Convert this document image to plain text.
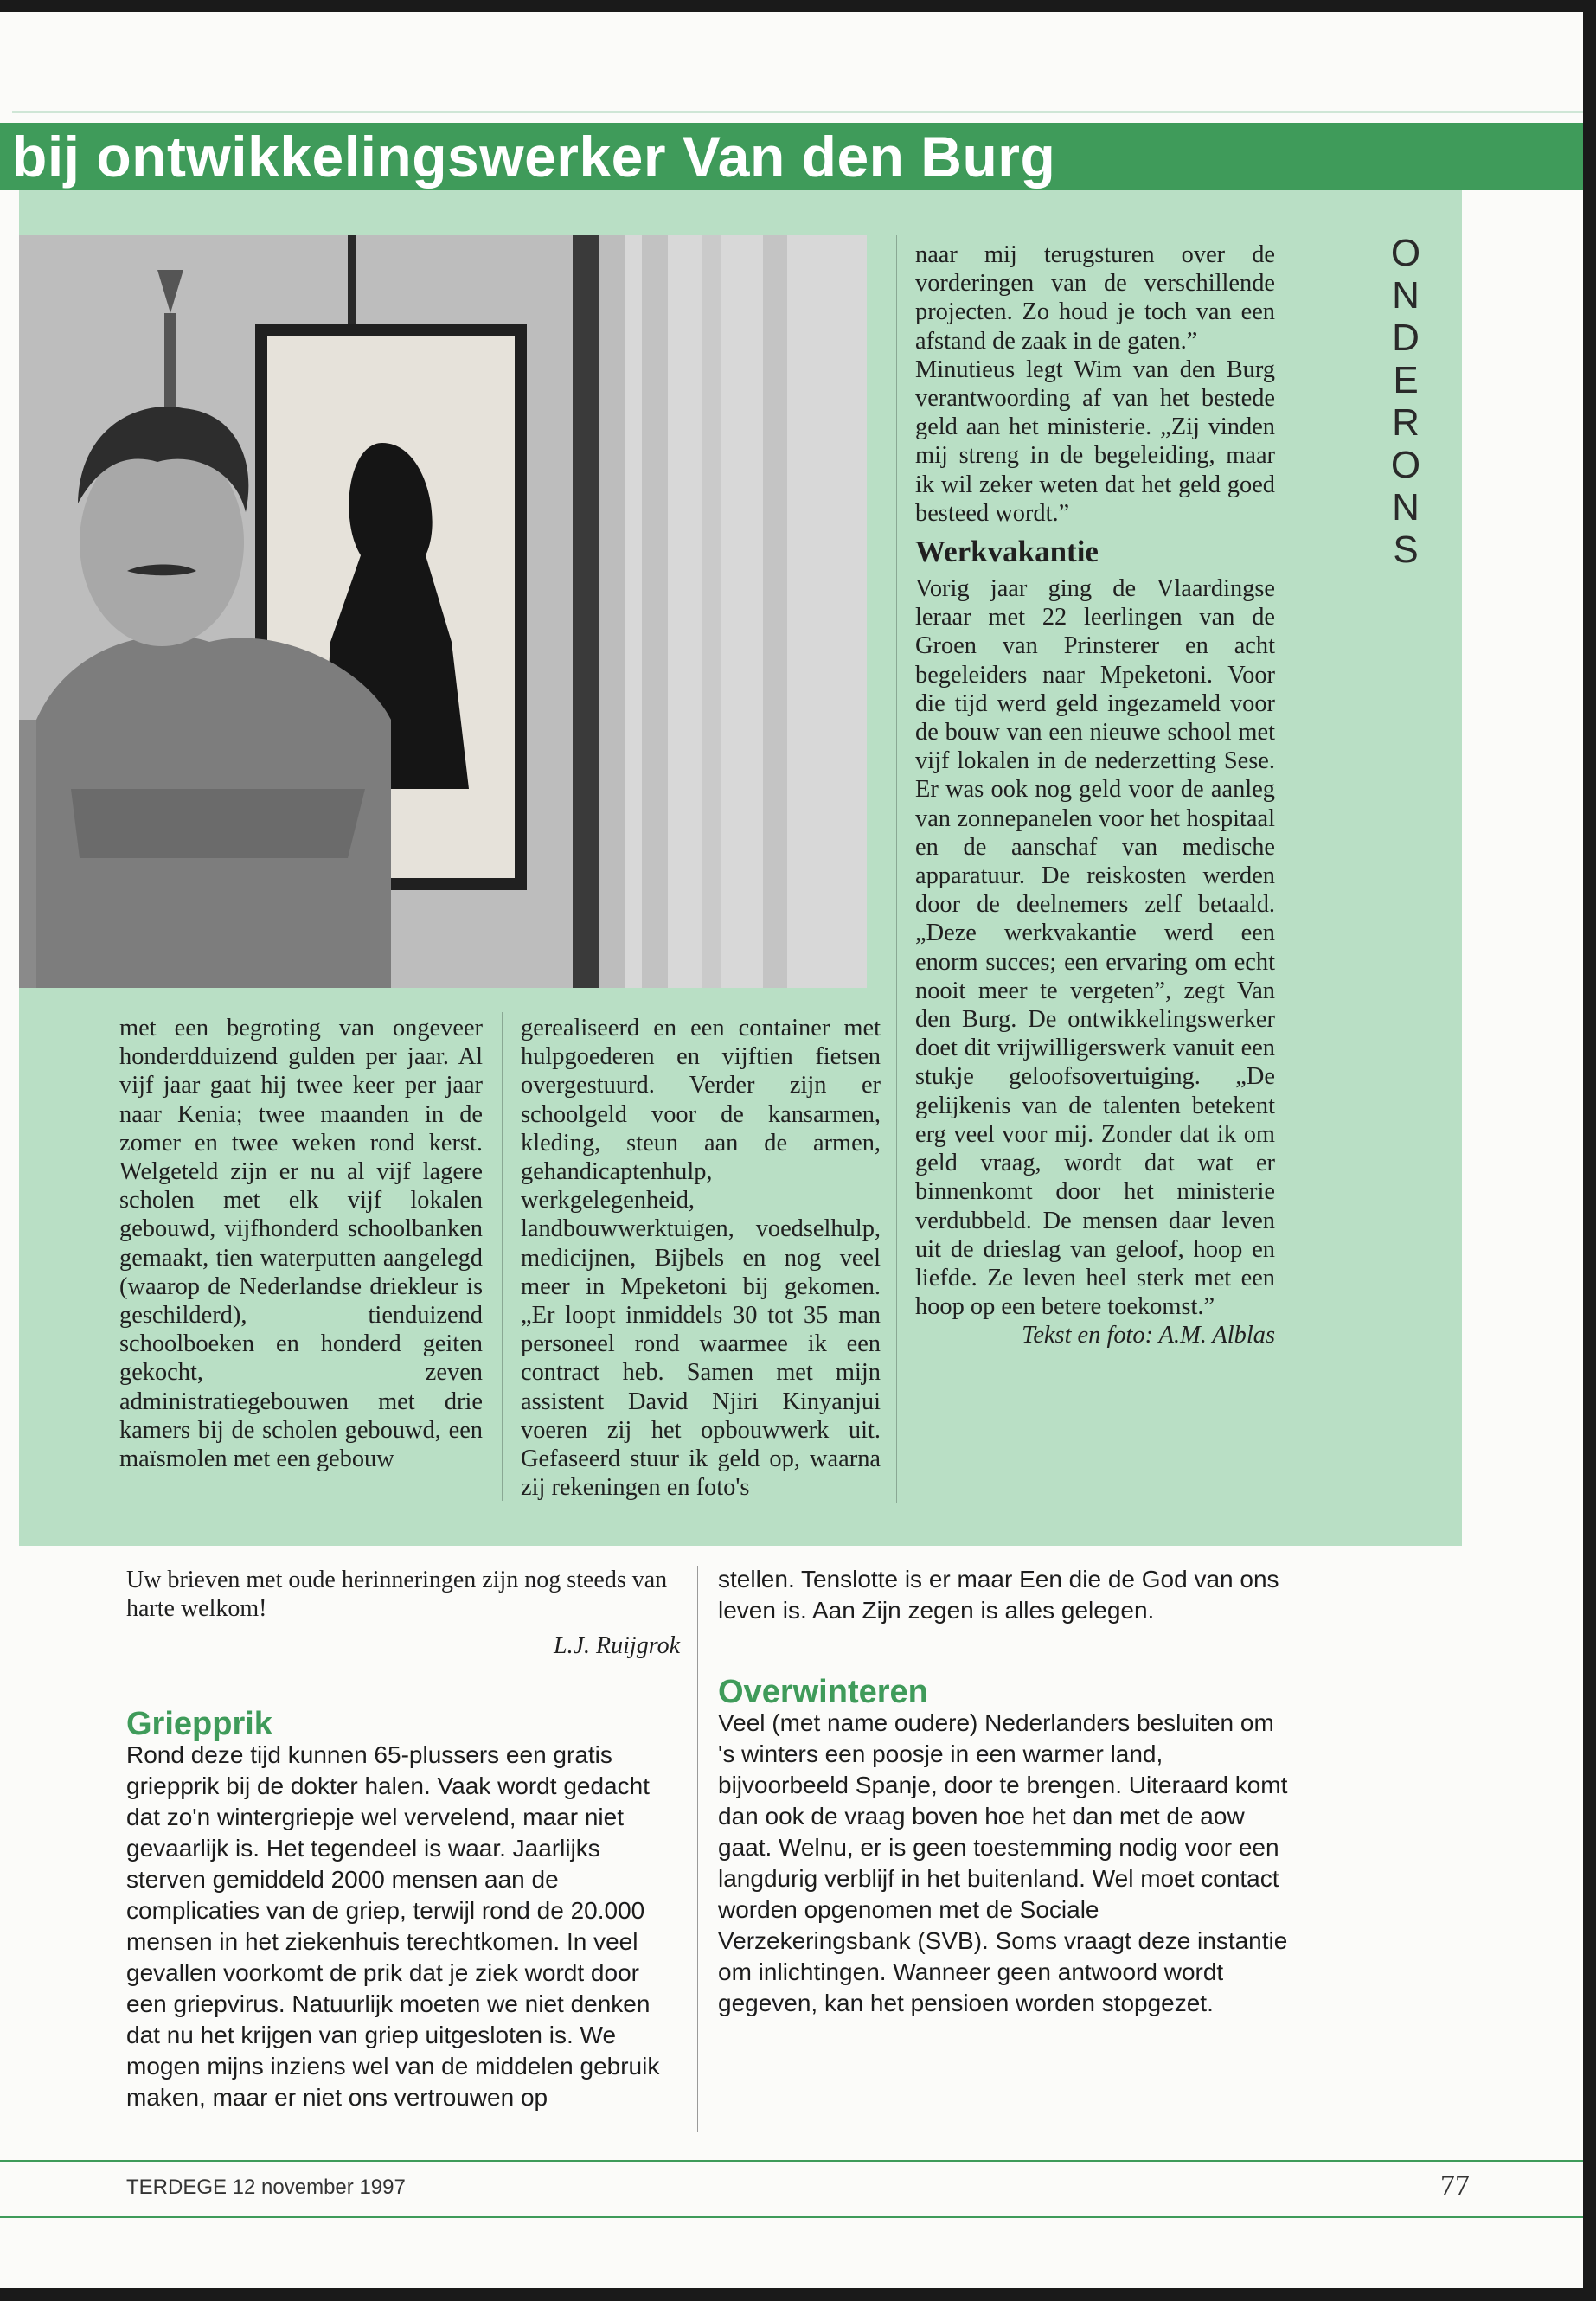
bij ontwikkelingswerker Van den Burg
ONDERONS

met een begroting van ongeveer honderdduizend gulden per jaar. Al vijf jaar gaat hij twee keer per jaar naar Kenia; twee maanden in de zomer en twee weken rond kerst. Welgeteld zijn er nu al vijf lagere scholen met elk vijf lokalen gebouwd, vijfhonderd schoolbanken gemaakt, tien waterputten aangelegd (waarop de Nederlandse driekleur is geschilderd), tienduizend schoolboeken en honderd geiten gekocht, zeven administratiegebouwen met drie kamers bij de scholen gebouwd, een maïsmolen met een gebouw

gerealiseerd en een container met hulpgoederen en vijftien fietsen overgestuurd. Verder zijn er schoolgeld voor de kansarmen, kleding, steun aan de armen, gehandicaptenhulp, werkgelegenheid, landbouwwerktuigen, voedselhulp, medicijnen, Bijbels en nog veel meer in Mpeketoni bij gekomen. „Er loopt inmiddels 30 tot 35 man personeel rond waarmee ik een contract heb. Samen met mijn assistent David Njiri Kinyanjui voeren zij het opbouwwerk uit. Gefaseerd stuur ik geld op, waarna zij rekeningen en foto's

naar mij terugsturen over de vorderingen van de verschillende projecten. Zo houd je toch van een afstand de zaak in de gaten.”

Minutieus legt Wim van den Burg verantwoording af van het bestede geld aan het ministerie. „Zij vinden mij streng in de begeleiding, maar ik wil zeker weten dat het geld goed besteed wordt.”

Werkvakantie

Vorig jaar ging de Vlaardingse leraar met 22 leerlingen van de Groen van Prinsterer en acht begeleiders naar Mpeketoni. Voor die tijd werd geld ingezameld voor de bouw van een nieuwe school met vijf lokalen in de nederzetting Sese. Er was ook nog geld voor de aanleg van zonnepanelen voor het hospitaal en de aanschaf van medische apparatuur. De reiskosten werden door de deelnemers zelf betaald. „Deze werkvakantie werd een enorm succes; een ervaring om echt nooit meer te vergeten”, zegt Van den Burg. De ontwikkelingswerker doet dit vrijwilligerswerk vanuit een stukje geloofsovertuiging. „De gelijkenis van de talenten betekent erg veel voor mij. Zonder dat ik om geld vraag, wordt dat wat er binnenkomt door het ministerie verdubbeld. De mensen daar leven uit de drieslag van geloof, hoop en liefde. Ze leven heel sterk met een hoop op een betere toekomst.”

Tekst en foto: A.M. Alblas

Uw brieven met oude herinneringen zijn nog steeds van harte welkom!

L.J. Ruijgrok

Griepprik

Rond deze tijd kunnen 65-plussers een gratis griepprik bij de dokter halen. Vaak wordt gedacht dat zo'n wintergriepje wel vervelend, maar niet gevaarlijk is. Het tegendeel is waar. Jaarlijks sterven gemiddeld 2000 mensen aan de complicaties van de griep, terwijl rond de 20.000 mensen in het ziekenhuis terechtkomen. In veel gevallen voorkomt de prik dat je ziek wordt door een griepvirus. Natuurlijk moeten we niet denken dat nu het krijgen van griep uitgesloten is. We mogen mijns inziens wel van de middelen gebruik maken, maar er niet ons vertrouwen op

stellen. Tenslotte is er maar Een die de God van ons leven is. Aan Zijn zegen is alles gelegen.

Overwinteren

Veel (met name oudere) Nederlanders besluiten om 's winters een poosje in een warmer land, bijvoorbeeld Spanje, door te brengen. Uiteraard komt dan ook de vraag boven hoe het dan met de aow gaat. Welnu, er is geen toestemming nodig voor een langdurig verblijf in het buitenland. Wel moet contact worden opgenomen met de Sociale Verzekeringsbank (SVB). Soms vraagt deze instantie om inlichtingen. Wanneer geen antwoord wordt gegeven, kan het pensioen worden stopgezet.

TERDEGE 12 november 1997	77
